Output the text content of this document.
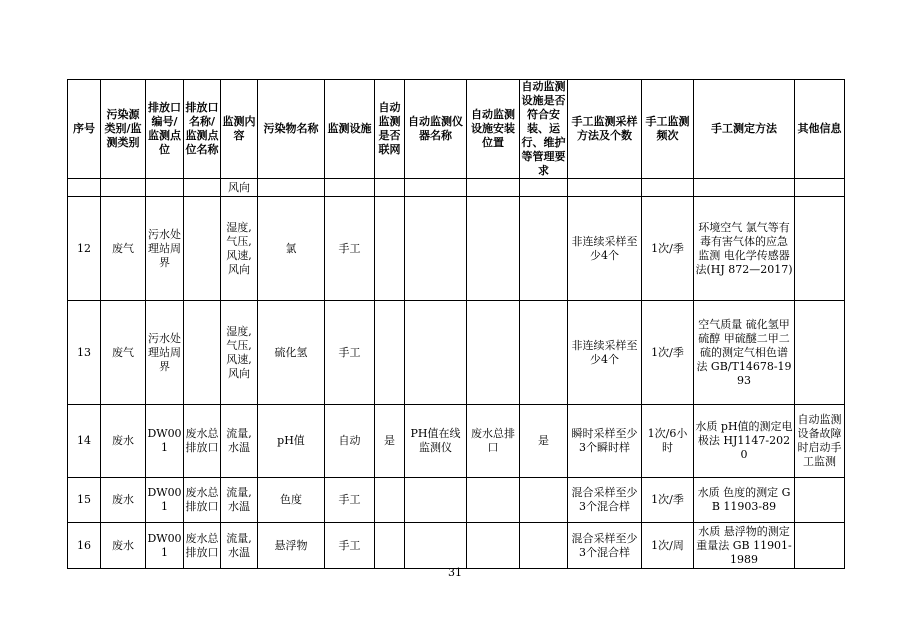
序号	污染源类别/监测类别	排放口编号/监测点位	排放口名称/监测点位名称	监测内容	污染物名称	监测设施	自动监测是否联网	自动监测仪器名称	自动监测设施安装位置	自动监测设施是否符合安装、运行、维护等管理要求	手工监测采样方法及个数	手工监测频次	手工测定方法	其他信息
				风向										
12	废气	污水处理站周界		湿度,气压,风速,风向	氯	手工					非连续采样至少4个	1次/季	环境空气 氯气等有毒有害气体的应急监测 电化学传感器法(HJ 872—2017)	
13	废气	污水处理站周界		湿度,气压,风速,风向	硫化氢	手工					非连续采样至少4个	1次/季	空气质量 硫化氢甲硫醇 甲硫醚二甲二硫的测定气相色谱法 GB/T14678-1993	
14	废水	DW001	废水总排放口	流量,水温	pH值	自动	是	PH值在线监测仪	废水总排口	是	瞬时采样至少3个瞬时样	1次/6小时	水质 pH值的测定电极法 HJ1147-2020	自动监测设备故障时启动手工监测
15	废水	DW001	废水总排放口	流量,水温	色度	手工					混合采样至少3个混合样	1次/季	水质 色度的测定 GB 11903-89	
16	废水	DW001	废水总排放口	流量,水温	悬浮物	手工					混合采样至少3个混合样	1次/周	水质 悬浮物的测定 重量法 GB 11901-1989	
31
